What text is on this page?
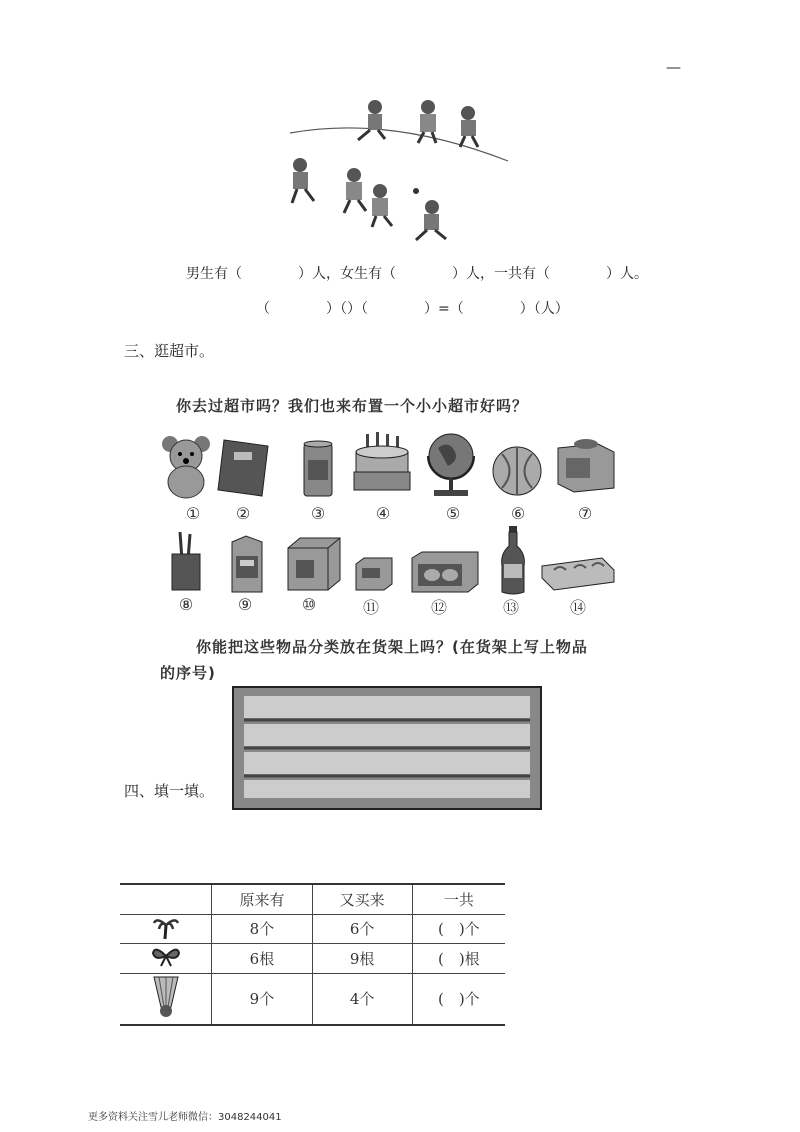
—
男生有（　　　　）人，女生有（　　　　）人，一共有（　　　　）人。
（　　　　）（）（　　　　）=（　　　　）（人）
三、逛超市。
你去过超市吗？我们也来布置一个小小超市好吗？
①	②	③	④	⑤	⑥	⑦
⑧	⑨	⑩	⑪	⑫	⑬	⑭
你能把这些物品分类放在货架上吗？(在货架上写上物品
的序号)
四、填一填。
	原来有	又买来	一共
	8个	6个	(　)个
	6根	9根	(　)根
	9个	4个	(　)个
更多资料关注雪儿老师微信：3048244041
